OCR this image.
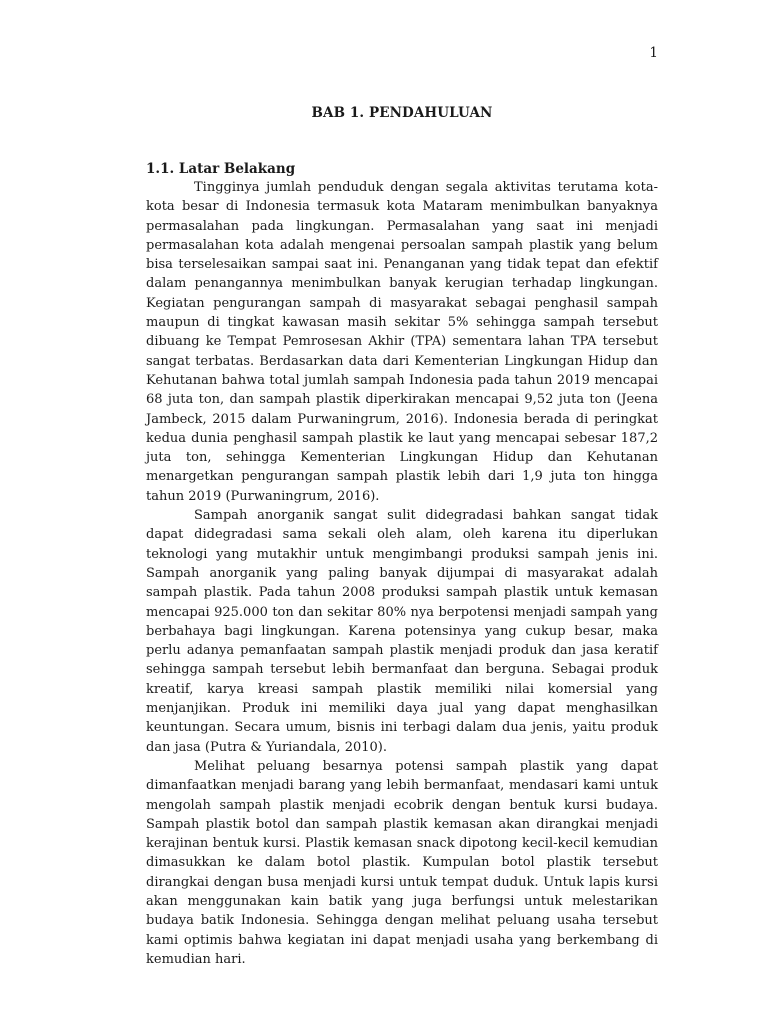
1
BAB 1. PENDAHULUAN
1.1. Latar Belakang

Tingginya jumlah penduduk dengan segala aktivitas terutama kota-kota besar di Indonesia termasuk kota Mataram menimbulkan banyaknya permasalahan pada lingkungan. Permasalahan yang saat ini menjadi permasalahan kota adalah mengenai persoalan sampah plastik yang belum bisa terselesaikan sampai saat ini. Penanganan yang tidak tepat dan efektif dalam penangannya menimbulkan banyak kerugian terhadap lingkungan. Kegiatan pengurangan sampah di masyarakat sebagai penghasil sampah maupun di tingkat kawasan masih sekitar 5% sehingga sampah tersebut dibuang ke Tempat Pemrosesan Akhir (TPA) sementara lahan TPA tersebut sangat terbatas. Berdasarkan data dari Kementerian Lingkungan Hidup dan Kehutanan bahwa total jumlah sampah Indonesia pada tahun 2019 mencapai 68 juta ton, dan sampah plastik diperkirakan mencapai 9,52 juta ton (Jeena Jambeck, 2015 dalam Purwaningrum, 2016). Indonesia berada di peringkat kedua dunia penghasil sampah plastik ke laut yang mencapai sebesar 187,2 juta ton, sehingga Kementerian Lingkungan Hidup dan Kehutanan menargetkan pengurangan sampah plastik lebih dari 1,9 juta ton hingga tahun 2019 (Purwaningrum, 2016).

Sampah anorganik sangat sulit didegradasi bahkan sangat tidak dapat didegradasi sama sekali oleh alam, oleh karena itu diperlukan teknologi yang mutakhir untuk mengimbangi produksi sampah jenis ini. Sampah anorganik yang paling banyak dijumpai di masyarakat adalah sampah plastik. Pada tahun 2008 produksi sampah plastik untuk kemasan mencapai 925.000 ton dan sekitar 80% nya berpotensi menjadi sampah yang berbahaya bagi lingkungan. Karena potensinya yang cukup besar, maka perlu adanya pemanfaatan sampah plastik menjadi produk dan jasa keratif sehingga sampah tersebut lebih bermanfaat dan berguna. Sebagai produk kreatif, karya kreasi sampah plastik memiliki nilai komersial yang menjanjikan. Produk ini memiliki daya jual yang dapat menghasilkan keuntungan. Secara umum, bisnis ini terbagi dalam dua jenis, yaitu produk dan jasa (Putra & Yuriandala, 2010).

Melihat peluang besarnya potensi sampah plastik yang dapat dimanfaatkan menjadi barang yang lebih bermanfaat, mendasari kami untuk mengolah sampah plastik menjadi ecobrik dengan bentuk kursi budaya. Sampah plastik botol dan sampah plastik kemasan akan dirangkai menjadi kerajinan bentuk kursi. Plastik kemasan snack dipotong kecil-kecil kemudian dimasukkan ke dalam botol plastik. Kumpulan botol plastik tersebut dirangkai dengan busa menjadi kursi untuk tempat duduk. Untuk lapis kursi akan menggunakan kain batik yang juga berfungsi untuk melestarikan budaya batik Indonesia. Sehingga dengan melihat peluang usaha tersebut kami optimis bahwa kegiatan ini dapat menjadi usaha yang berkembang di kemudian hari.
